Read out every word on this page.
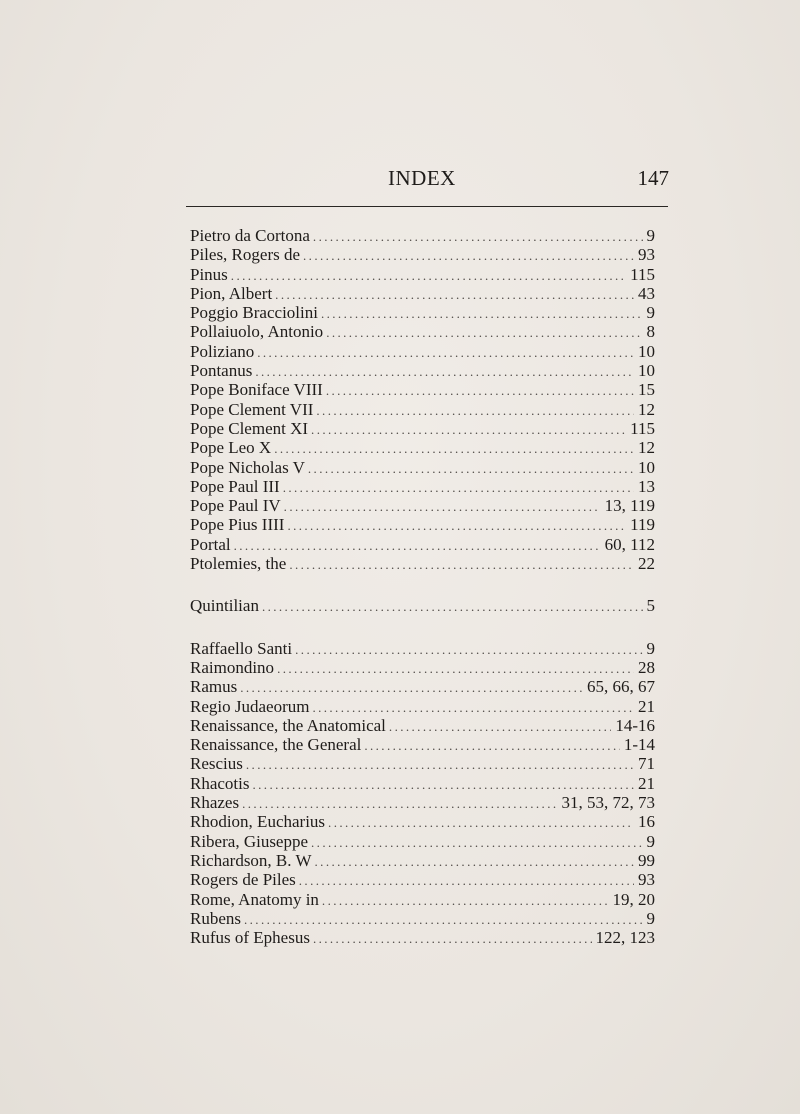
INDEX	147
Pietro da Cortona .....	9
Piles, Rogers de .....	93
Pinus .....	115
Pion, Albert .....	43
Poggio Bracciolini .....	9
Pollaiuolo, Antonio .....	8
Poliziano .....	10
Pontanus .....	10
Pope Boniface VIII .....	15
Pope Clement VII .....	12
Pope Clement XI .....	115
Pope Leo X .....	12
Pope Nicholas V .....	10
Pope Paul III .....	13
Pope Paul IV .....	13, 119
Pope Pius IIII .....	119
Portal .....	60, 112
Ptolemies, the .....	22
Quintilian .....	5
Raffaello Santi .....	9
Raimondino .....	28
Ramus .....	65, 66, 67
Regio Judaeorum .....	21
Renaissance, the Anatomical .....	14-16
Renaissance, the General .....	1-14
Rescius .....	71
Rhacotis .....	21
Rhazes .....	31, 53, 72, 73
Rhodion, Eucharius .....	16
Ribera, Giuseppe .....	9
Richardson, B. W .....	99
Rogers de Piles .....	93
Rome, Anatomy in .....	19, 20
Rubens .....	9
Rufus of Ephesus .....	122, 123
